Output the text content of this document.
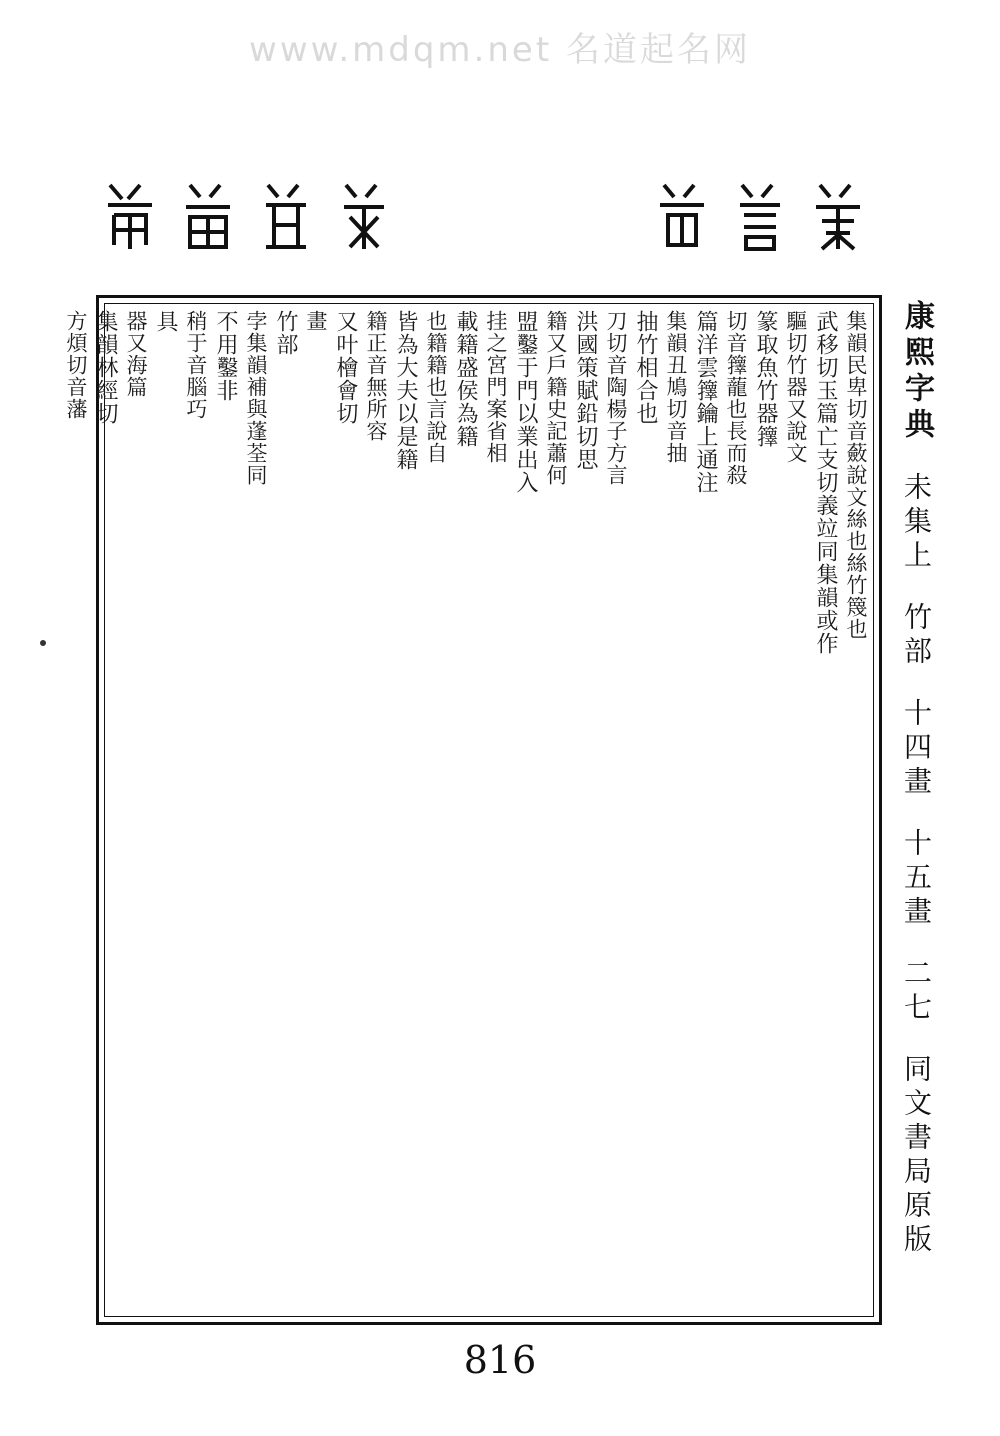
www.mdqm.net 名道起名网
集韻民卑切音蘞說文絲也絲竹篾也
武移切玉篇亡支切義竝同集韻或作
驅切竹器又說文
篆取魚竹器籜
切音籜蘢也長而殺
篇洋雲籜鑰上通注
集韻丑鳩切音抽
抽竹相合也
刀切音陶楊子方言
洪國策賦鉛切思
籍又戶籍史記蕭何
盟鑿于門以業出入
挂之宮門案省相
載籍盛侯為籍
也籍籍也言說自
皆為大夫以是籍
籍正音無所容
又叶檜會切
畫
竹部
孛集韻補與蓬荃同
不用鑿非
稍于音腦巧
具
器又海篇
集韻林經切
方煩切音藩	康熙字典未集上竹部十四畫十五畫二七同文書局原版
816
